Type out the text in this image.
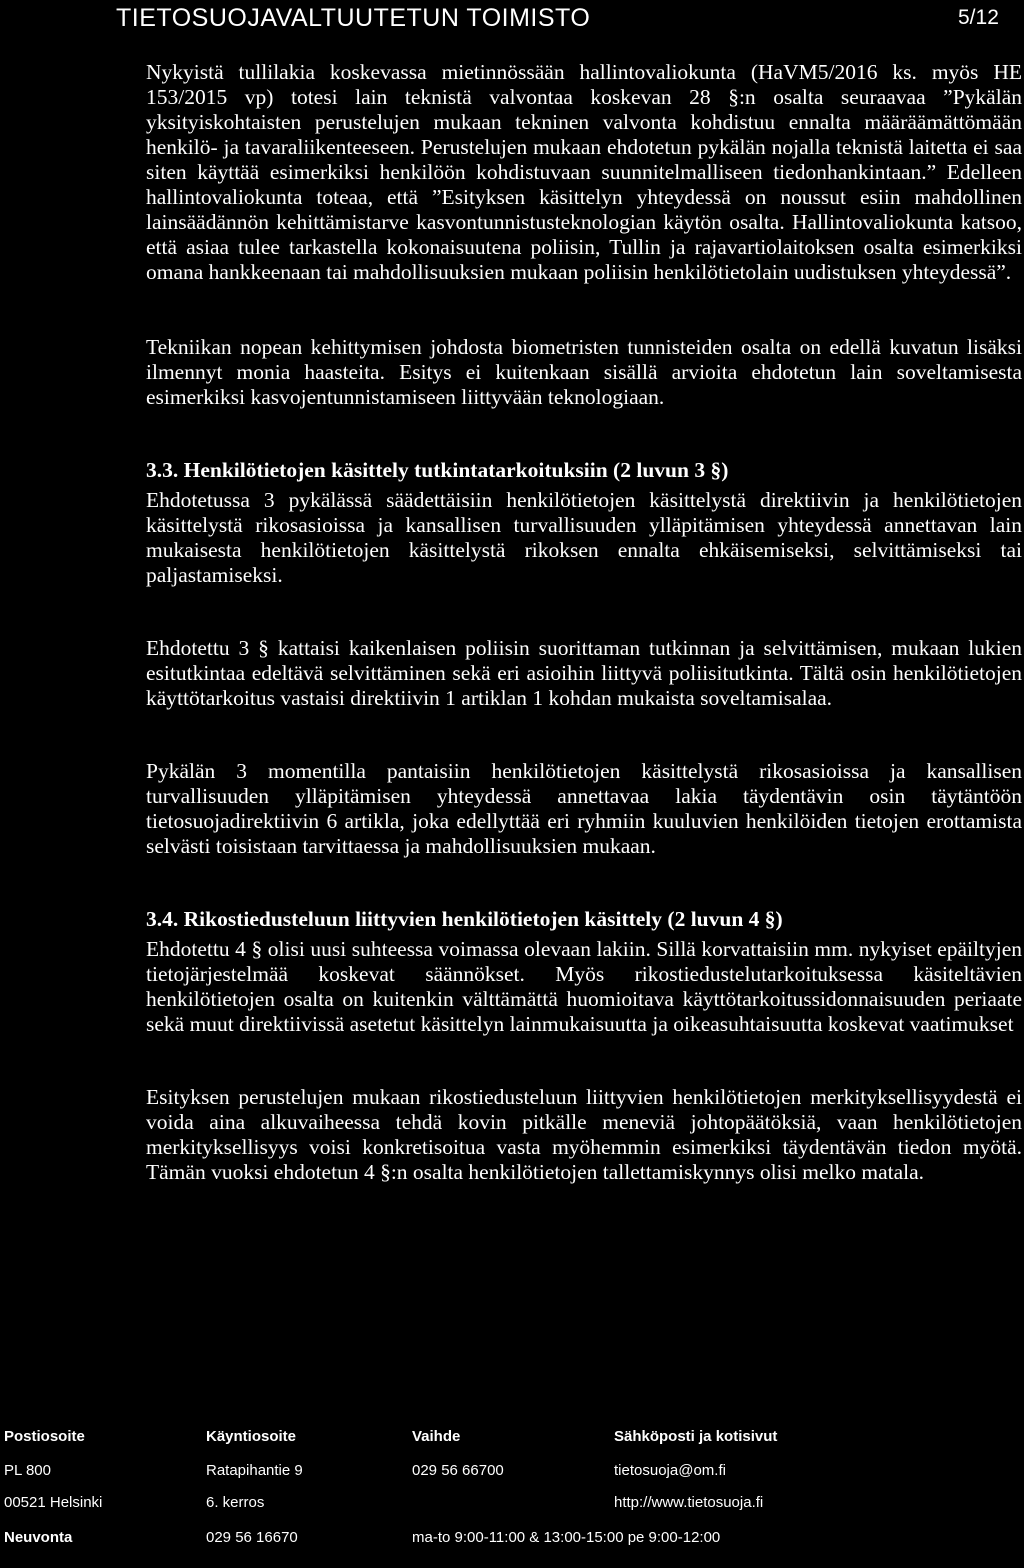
TIETOSUOJAVALTUUTETUN TOIMISTO	5/12

Nykyistä tullilakia koskevassa mietinnössään hallintovaliokunta (HaVM5/2016 ks. myös HE 153/2015 vp) totesi lain teknistä valvontaa koskevan 28 §:n osalta seuraavaa ”Pykälän yksityiskohtaisten perustelujen mukaan tekninen valvonta kohdistuu ennalta määräämättömään henkilö- ja tavaraliikenteeseen. Perustelujen mukaan ehdotetun pykälän nojalla teknistä laitetta ei saa siten käyttää esimerkiksi henkilöön kohdistuvaan suunnitelmalliseen tiedonhankintaan.” Edelleen hallintovaliokunta toteaa, että ”Esityksen käsittelyn yhteydessä on noussut esiin mahdollinen lainsäädännön kehittämistarve kasvontunnistusteknologian käytön osalta. Hallintovaliokunta katsoo, että asiaa tulee tarkastella kokonaisuutena poliisin, Tullin ja rajavartiolaitoksen osalta esimerkiksi omana hankkeenaan tai mahdollisuuksien mukaan poliisin henkilötietolain uudistuksen yhteydessä”.

Tekniikan nopean kehittymisen johdosta biometristen tunnisteiden osalta on edellä kuvatun lisäksi ilmennyt monia haasteita. Esitys ei kuitenkaan sisällä arvioita ehdotetun lain soveltamisesta esimerkiksi kasvojentunnistamiseen liittyvään teknologiaan.

3.3. Henkilötietojen käsittely tutkintatarkoituksiin (2 luvun 3 §)

Ehdotetussa 3 pykälässä säädettäisiin henkilötietojen käsittelystä direktiivin ja henkilötietojen käsittelystä rikosasioissa ja kansallisen turvallisuuden ylläpitämisen yhteydessä annettavan lain mukaisesta henkilötietojen käsittelystä rikoksen ennalta ehkäisemiseksi, selvittämiseksi tai paljastamiseksi.

Ehdotettu 3 § kattaisi kaikenlaisen poliisin suorittaman tutkinnan ja selvittämisen, mukaan lukien esitutkintaa edeltävä selvittäminen sekä eri asioihin liittyvä poliisitutkinta. Tältä osin henkilötietojen käyttötarkoitus vastaisi direktiivin 1 artiklan 1 kohdan mukaista soveltamisalaa.

Pykälän 3 momentilla pantaisiin henkilötietojen käsittelystä rikosasioissa ja kansallisen turvallisuuden ylläpitämisen yhteydessä annettavaa lakia täydentävin osin täytäntöön tietosuojadirektiivin 6 artikla, joka edellyttää eri ryhmiin kuuluvien henkilöiden tietojen erottamista selvästi toisistaan tarvittaessa ja mahdollisuuksien mukaan.

3.4. Rikostiedusteluun liittyvien henkilötietojen käsittely (2 luvun 4 §)

Ehdotettu 4 § olisi uusi suhteessa voimassa olevaan lakiin. Sillä korvattaisiin mm. nykyiset epäiltyjen tietojärjestelmää koskevat säännökset. Myös rikostiedustelutarkoituksessa käsiteltävien henkilötietojen osalta on kuitenkin välttämättä huomioitava käyttötarkoitussidonnaisuuden periaate sekä muut direktiivissä asetetut käsittelyn lainmukaisuutta ja oikeasuhtaisuutta koskevat vaatimukset

Esityksen perustelujen mukaan rikostiedusteluun liittyvien henkilötietojen merkityksellisyydestä ei voida aina alkuvaiheessa tehdä kovin pitkälle meneviä johtopäätöksiä, vaan henkilötietojen merkityksellisyys voisi konkretisoitua vasta myöhemmin esimerkiksi täydentävän tiedon myötä. Tämän vuoksi ehdotetun 4 §:n osalta henkilötietojen tallettamiskynnys olisi melko matala.

Postiosoite
PL 800
00521 Helsinki
Neuvonta
Käyntiosoite
Ratapihantie 9
6. kerros
029 56 16670
Vaihde
029 56 66700
ma-to 9:00-11:00 & 13:00-15:00 pe 9:00-12:00
Sähköposti ja kotisivut
tietosuoja@om.fi
http://www.tietosuoja.fi
